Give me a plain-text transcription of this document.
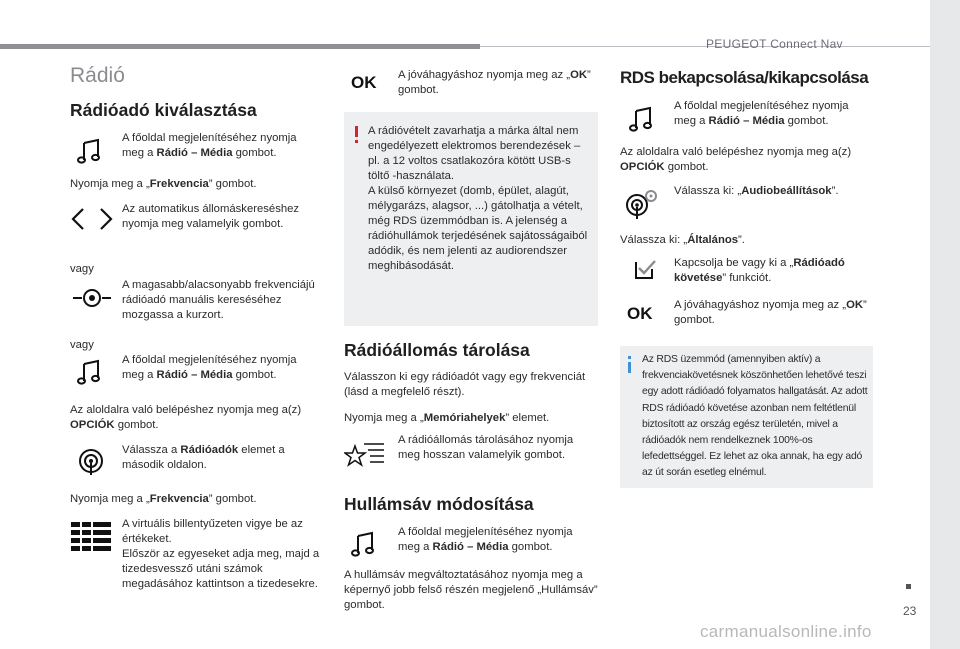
PEUGEOT Connect Nav
23
carmanualsonline.info
Rádió
Rádióadó kiválasztása

A főoldal megjelenítéséhez nyomja meg a Rádió – Média gombot.

Nyomja meg a „Frekvencia” gombot.

Az automatikus állomáskereséshez nyomja meg valamelyik gombot.

vagy

A magasabb/alacsonyabb frekvenciájú rádióadó manuális kereséséhez mozgassa a kurzort.

vagy

A főoldal megjelenítéséhez nyomja meg a Rádió – Média gombot.

Az aloldalra való belépéshez nyomja meg a(z) OPCIÓK gombot.

Válassza a Rádióadók elemet a második oldalon.

Nyomja meg a „Frekvencia” gombot.

A virtuális billentyűzeten vigye be az értékeket.
Először az egyeseket adja meg, majd a tizedesvessző utáni számok megadásához kattintson a tizedesekre.

OK A jóváhagyáshoz nyomja meg az „OK” gombot.

A rádióvételt zavarhatja a márka által nem engedélyezett elektromos berendezések – pl. a 12 voltos csatlakozóra kötött USB-s töltő -használata.
A külső környezet (domb, épület, alagút, mélygarázs, alagsor, ...) gátolhatja a vételt, még RDS üzemmódban is. A jelenség a rádióhullámok terjedésének sajátosságaiból adódik, és nem jelenti az audiorendszer meghibásodását.

Rádióállomás tárolása

Válasszon ki egy rádióadót vagy egy frekvenciát (lásd a megfelelő részt).

Nyomja meg a „Memóriahelyek” elemet.

A rádióállomás tárolásához nyomja meg hosszan valamelyik gombot.

Hullámsáv módosítása

A főoldal megjelenítéséhez nyomja meg a Rádió – Média gombot.

A hullámsáv megváltoztatásához nyomja meg a képernyő jobb felső részén megjelenő „Hullámsáv” gombot.

RDS bekapcsolása/kikapcsolása

A főoldal megjelenítéséhez nyomja meg a Rádió – Média gombot.

Az aloldalra való belépéshez nyomja meg a(z) OPCIÓK gombot.

Válassza ki: „Audiobeállítások”.

Válassza ki: „Általános”.

Kapcsolja be vagy ki a „Rádióadó követése” funkciót.

OK A jóváhagyáshoz nyomja meg az „OK” gombot.

Az RDS üzemmód (amennyiben aktív) a frekvenciakövetésnek köszönhetően lehetővé teszi egy adott rádióadó folyamatos hallgatását. Az adott RDS rádióadó követése azonban nem feltétlenül biztosított az ország egész területén, mivel a rádióadók nem rendelkeznek 100%-os lefedettséggel. Ez lehet az oka annak, ha egy adó az út során esetleg elnémul.
